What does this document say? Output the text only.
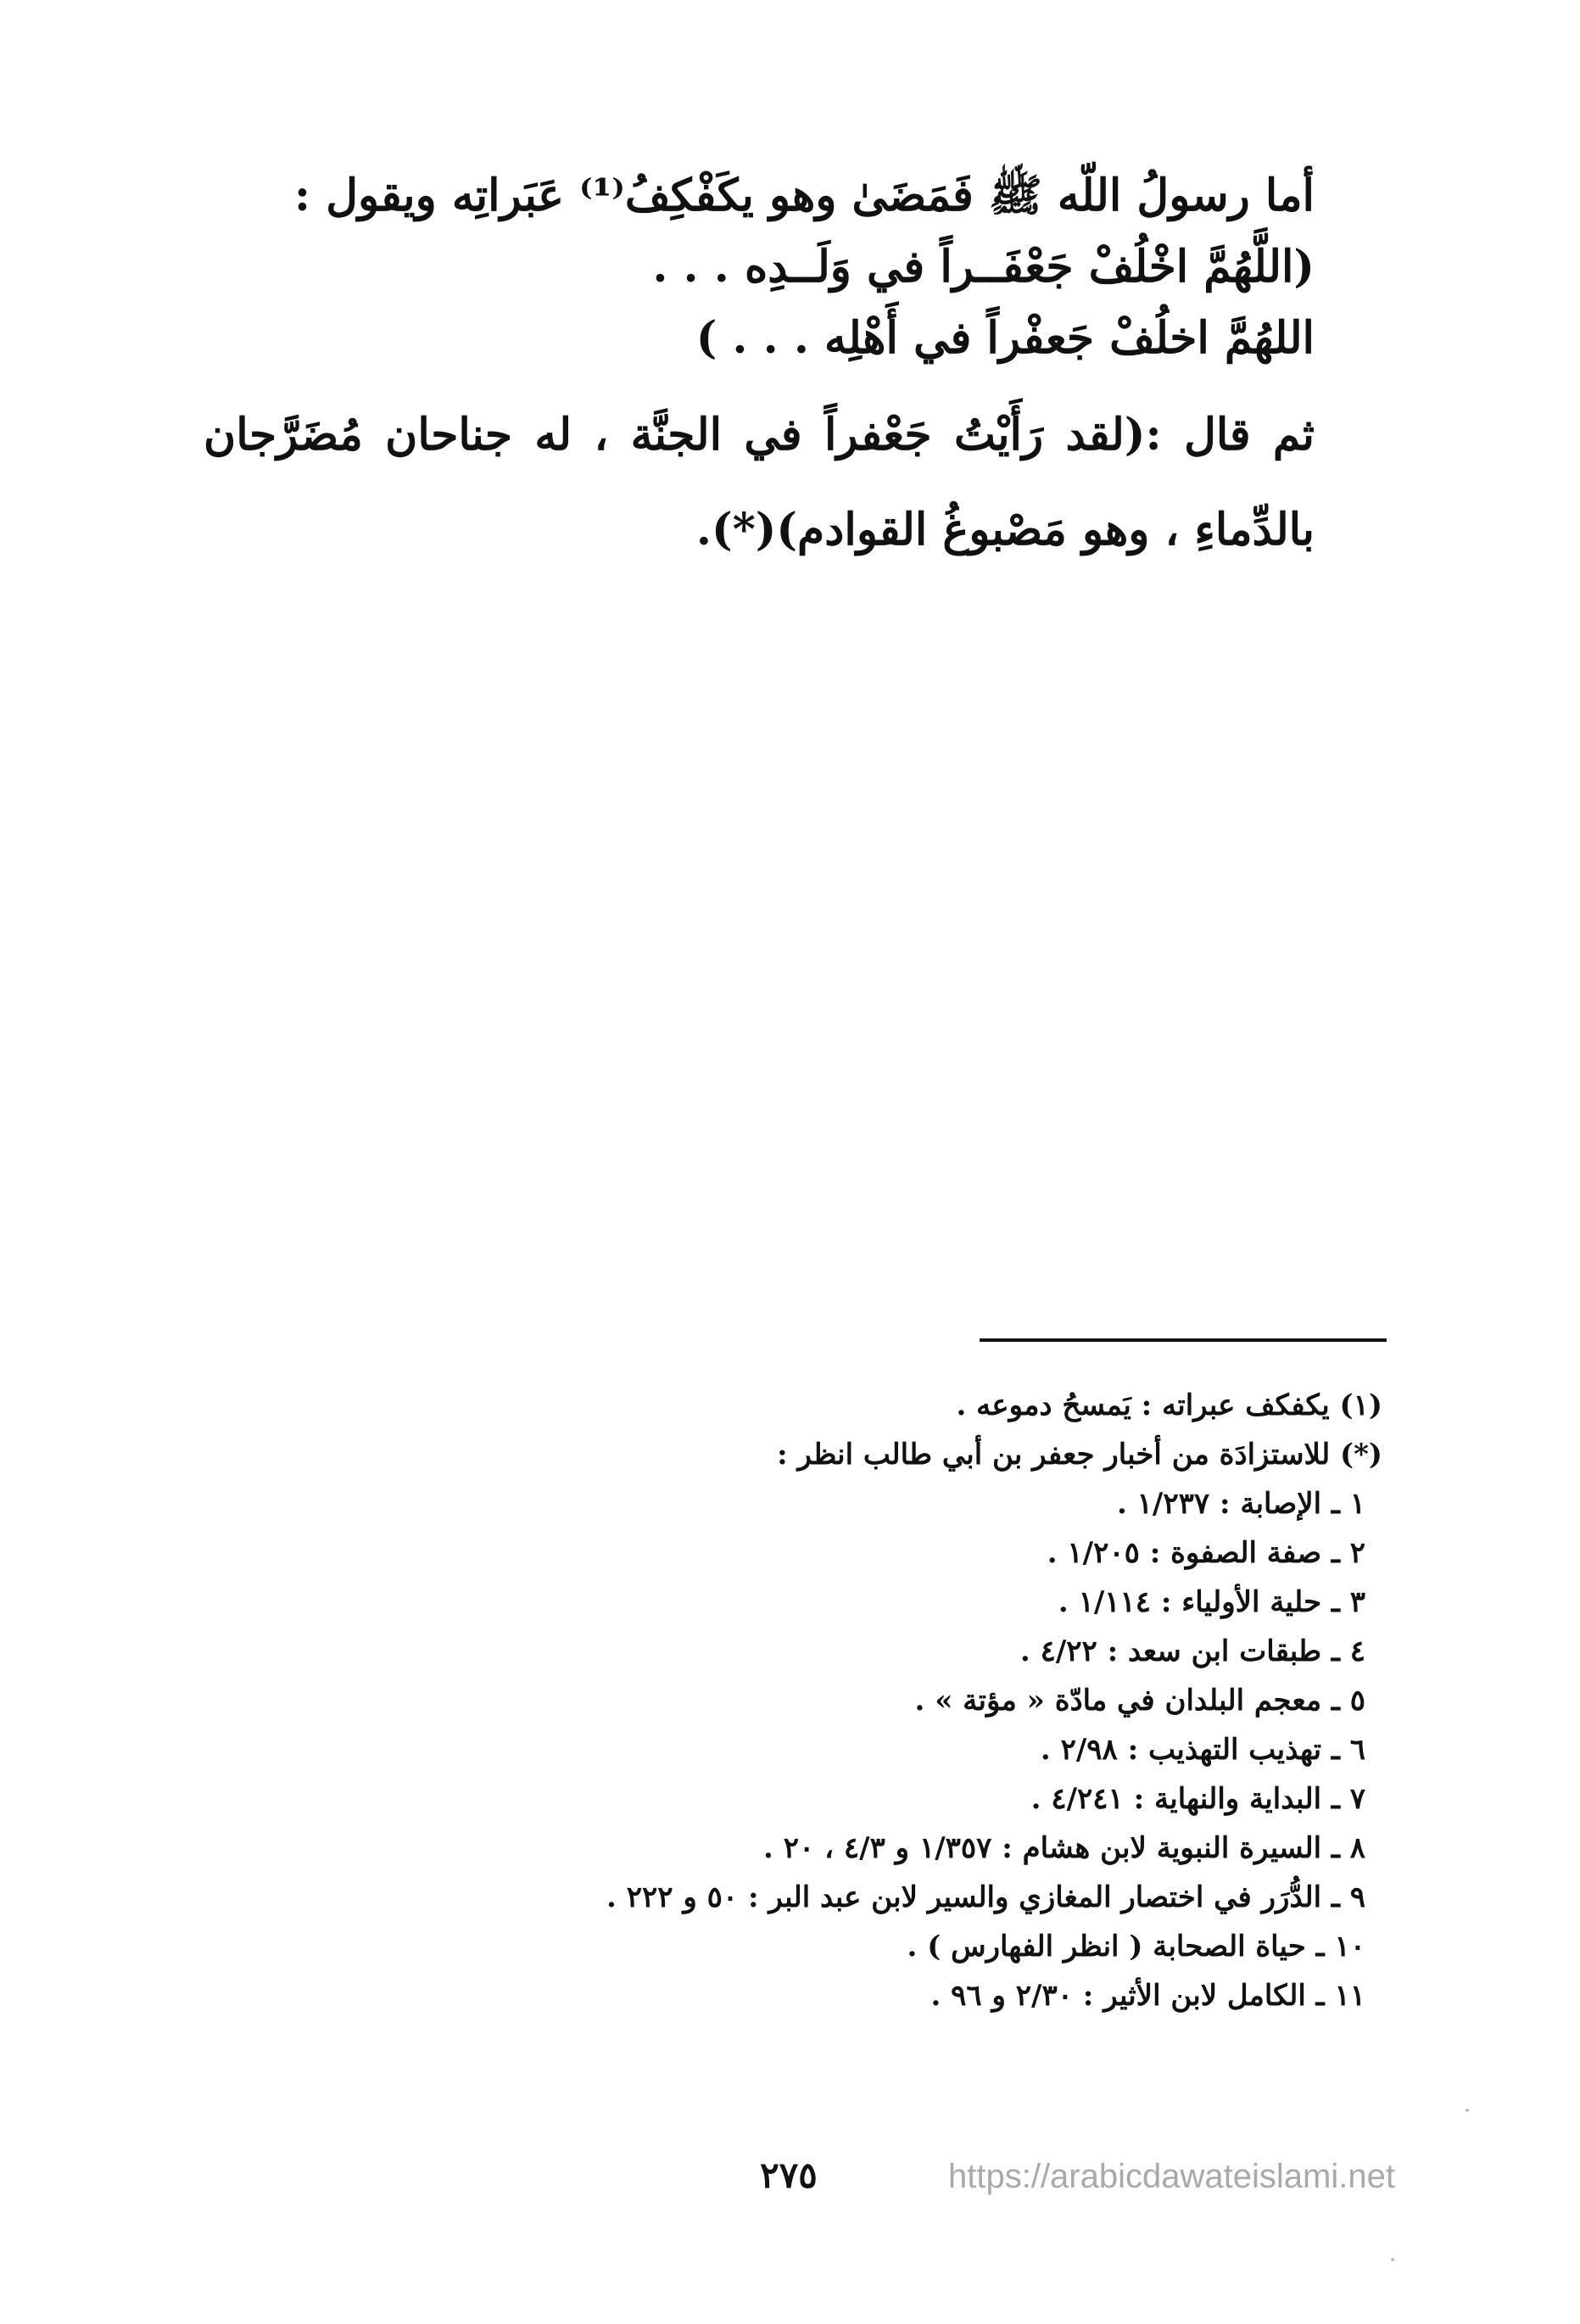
أما رسولُ اللّه ﷺ فَمَضَىٰ وهو يكَفْكِفُ⁽¹⁾ عَبَراتِه ويقول :

(اللَّهُمَّ اخْلُفْ جَعْفَــراً في وَلَــدِه . . .

اللهُمَّ اخلُفْ جَعفْراً في أَهْلِه . . . )

ثم قال :(لقد رَأَيْتُ جَعْفراً في الجنَّة ، له جناحان مُضَرَّجان بالدِّماءِ ، وهو مَصْبوغُ القوادم)(*).

(١) يكفكف عبراته : يَمسحُ دموعه .
(*) للاستزادَة من أخبار جعفر بن أبي طالب انظر :
١ ـ الإصابة : ١/٢٣٧ .
٢ ـ صفة الصفوة : ١/٢٠٥ .
٣ ـ حلية الأولياء : ١/١١٤ .
٤ ـ طبقات ابن سعد : ٤/٢٢ .
٥ ـ معجم البلدان في مادّة « مؤتة » .
٦ ـ تهذيب التهذيب : ٢/٩٨ .
٧ ـ البداية والنهاية : ٤/٢٤١ .
٨ ـ السيرة النبوية لابن هشام : ١/٣٥٧ و ٤/٣ ، ٢٠ .
٩ ـ الدُّرَر في اختصار المغازي والسير لابن عبد البر : ٥٠ و ٢٢٢ .
١٠ ـ حياة الصحابة ( انظر الفهارس ) .
١١ ـ الكامل لابن الأثير : ٢/٣٠ و ٩٦ .
٢٧٥	https://arabicdawateislami.net
